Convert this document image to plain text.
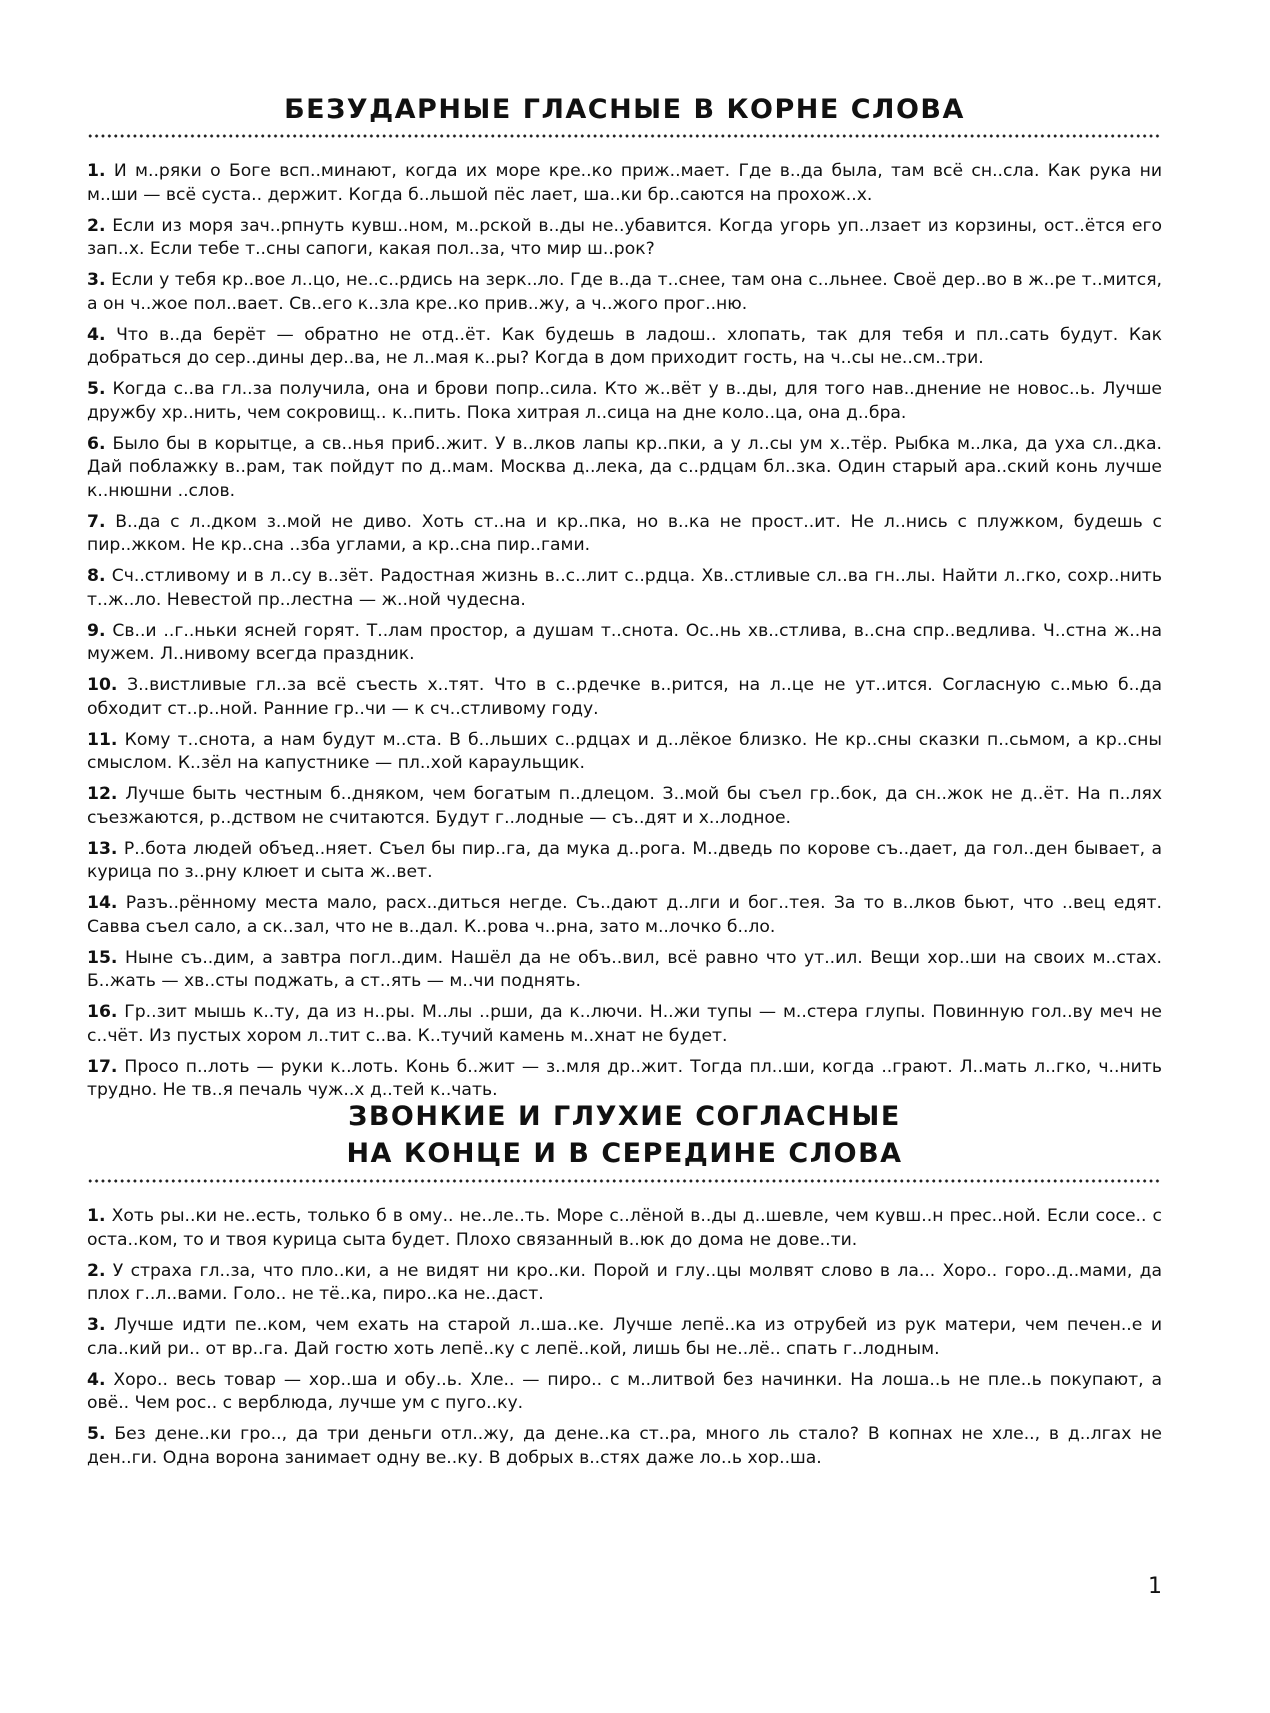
БЕЗУДАРНЫЕ ГЛАСНЫЕ В КОРНЕ СЛОВА
1. И м..ряки о Боге всп..минают, когда их море кре..ко приж..мает. Где в..да была, там всё сн..сла. Как рука ни м..ши — всё суста.. держит. Когда б..льшой пёс лает, ша..ки бр..саются на прохож..х.
2. Если из моря зач..рпнуть кувш..ном, м..рской в..ды не..убавится. Когда угорь уп..лзает из корзины, ост..ётся его зап..х. Если тебе т..сны сапоги, какая пол..за, что мир ш..рок?
3. Если у тебя кр..вое л..цо, не..с..рдись на зерк..ло. Где в..да т..снее, там она с..льнее. Своё дер..во в ж..ре т..мится, а он ч..жое пол..вает. Св..его к..зла кре..ко прив..жу, а ч..жого прог..ню.
4. Что в..да берёт — обратно не отд..ёт. Как будешь в ладош.. хлопать, так для тебя и пл..сать будут. Как добраться до сер..дины дер..ва, не л..мая к..ры? Когда в дом приходит гость, на ч..сы не..см..три.
5. Когда с..ва гл..за получила, она и брови попр..сила. Кто ж..вёт у в..ды, для того нав..днение не новос..ь. Лучше дружбу хр..нить, чем сокровищ.. к..пить. Пока хитрая л..сица на дне коло..ца, она д..бра.
6. Было бы в корытце, а св..нья приб..жит. У в..лков лапы кр..пки, а у л..сы ум х..тёр. Рыбка м..лка, да уха сл..дка. Дай поблажку в..рам, так пойдут по д..мам. Москва д..лека, да с..рдцам бл..зка. Один старый ара..ский конь лучше к..нюшни ..слов.
7. В..да с л..дком з..мой не диво. Хоть ст..на и кр..пка, но в..ка не прост..ит. Не л..нись с плужком, будешь с пир..жком. Не кр..сна ..зба углами, а кр..сна пир..гами.
8. Сч..стливому и в л..су в..зёт. Радостная жизнь в..с..лит с..рдца. Хв..стливые сл..ва гн..лы. Найти л..гко, сохр..нить т..ж..ло. Невестой пр..лестна — ж..ной чудесна.
9. Св..и ..г..ньки ясней горят. Т..лам простор, а душам т..снота. Ос..нь хв..стлива, в..сна спр..ведлива. Ч..стна ж..на мужем. Л..нивому всегда праздник.
10. З..вистливые гл..за всё съесть х..тят. Что в с..рдечке в..рится, на л..це не ут..ится. Согласную с..мью б..да обходит ст..р..ной. Ранние гр..чи — к сч..стливому году.
11. Кому т..снота, а нам будут м..ста. В б..льших с..рдцах и д..лёкое близко. Не кр..сны сказки п..сьмом, а кр..сны смыслом. К..зёл на капустнике — пл..хой караульщик.
12. Лучше быть честным б..дняком, чем богатым п..длецом. З..мой бы съел гр..бок, да сн..жок не д..ёт. На п..лях съезжаются, р..дством не считаются. Будут г..лодные — съ..дят и х..лодное.
13. Р..бота людей объед..няет. Съел бы пир..га, да мука д..рога. М..дведь по корове съ..дает, да гол..ден бывает, а курица по з..рну клюет и сыта ж..вет.
14. Разъ..рённому места мало, расх..диться негде. Съ..дают д..лги и бог..тея. За то в..лков бьют, что ..вец едят. Савва съел сало, а ск..зал, что не в..дал. К..рова ч..рна, зато м..лочко б..ло.
15. Ныне съ..дим, а завтра погл..дим. Нашёл да не объ..вил, всё равно что ут..ил. Вещи хор..ши на своих м..стах. Б..жать — хв..сты поджать, а ст..ять — м..чи поднять.
16. Гр..зит мышь к..ту, да из н..ры. М..лы ..рши, да к..лючи. Н..жи тупы — м..стера глупы. Повинную гол..ву меч не с..чёт. Из пустых хором л..тит с..ва. К..тучий камень м..хнат не будет.
17. Просо п..лоть — руки к..лоть. Конь б..жит — з..мля др..жит. Тогда пл..ши, когда ..грают. Л..мать л..гко, ч..нить трудно. Не тв..я печаль чуж..х д..тей к..чать.
ЗВОНКИЕ И ГЛУХИЕ СОГЛАСНЫЕ
НА КОНЦЕ И В СЕРЕДИНЕ СЛОВА
1. Хоть ры..ки не..есть, только б в ому.. не..ле..ть. Море с..лёной в..ды д..шевле, чем кувш..н прес..ной. Если сосе.. с оста..ком, то и твоя курица сыта будет. Плохо связанный в..юк до дома не дове..ти.
2. У страха гл..за, что пло..ки, а не видят ни кро..ки. Порой и глу..цы молвят слово в ла... Хоро.. горо..д..мами, да плох г..л..вами. Голо.. не тё..ка, пиро..ка не..даст.
3. Лучше идти пе..ком, чем ехать на старой л..ша..ке. Лучше лепё..ка из отрубей из рук матери, чем печен..е и сла..кий ри.. от вр..га. Дай гостю хоть лепё..ку с лепё..кой, лишь бы не..лё.. спать г..лодным.
4. Хоро.. весь товар — хор..ша и обу..ь. Хле.. — пиро.. с м..литвой без начинки. На лоша..ь не пле..ь покупают, а овё.. Чем рос.. с верблюда, лучше ум с пуго..ку.
5. Без дене..ки гро.., да три деньги отл..жу, да дене..ка ст..ра, много ль стало? В копнах не хле.., в д..лгах не ден..ги. Одна ворона занимает одну ве..ку. В добрых в..стях даже ло..ь хор..ша.
1
